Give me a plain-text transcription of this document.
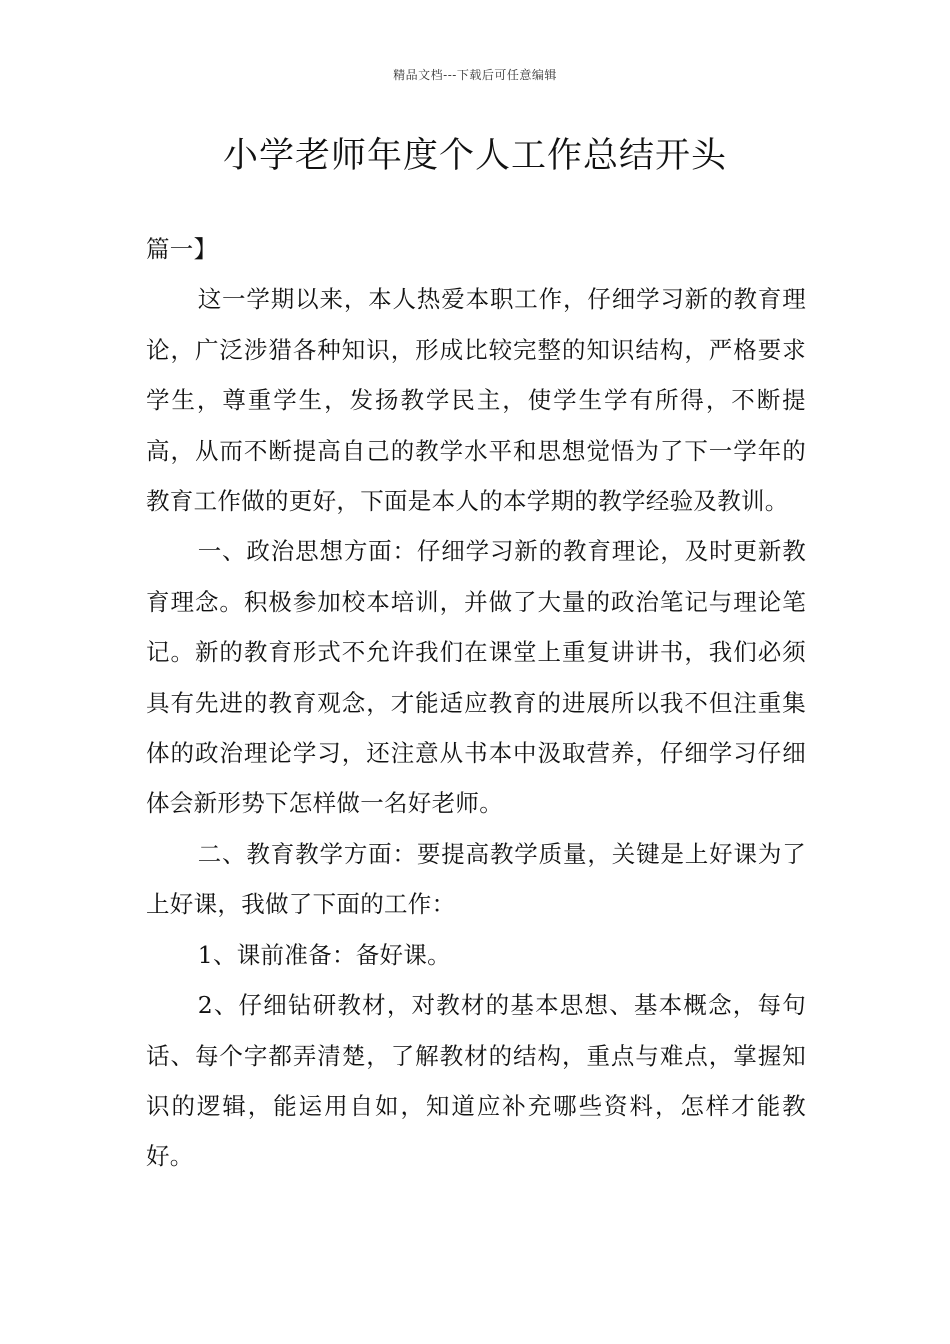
精品文档---下载后可任意编辑
小学老师年度个人工作总结开头

篇一】

这一学期以来，本人热爱本职工作，仔细学习新的教育理论，广泛涉猎各种知识，形成比较完整的知识结构，严格要求学生，尊重学生，发扬教学民主，使学生学有所得，不断提高，从而不断提高自己的教学水平和思想觉悟为了下一学年的教育工作做的更好，下面是本人的本学期的教学经验及教训。

一、政治思想方面：仔细学习新的教育理论，及时更新教育理念。积极参加校本培训，并做了大量的政治笔记与理论笔记。新的教育形式不允许我们在课堂上重复讲讲书，我们必须具有先进的教育观念，才能适应教育的进展所以我不但注重集体的政治理论学习，还注意从书本中汲取营养，仔细学习仔细体会新形势下怎样做一名好老师。

二、教育教学方面：要提高教学质量，关键是上好课为了上好课，我做了下面的工作：

1、课前准备：备好课。

2、仔细钻研教材，对教材的基本思想、基本概念，每句话、每个字都弄清楚，了解教材的结构，重点与难点，掌握知识的逻辑，能运用自如，知道应补充哪些资料，怎样才能教好。
